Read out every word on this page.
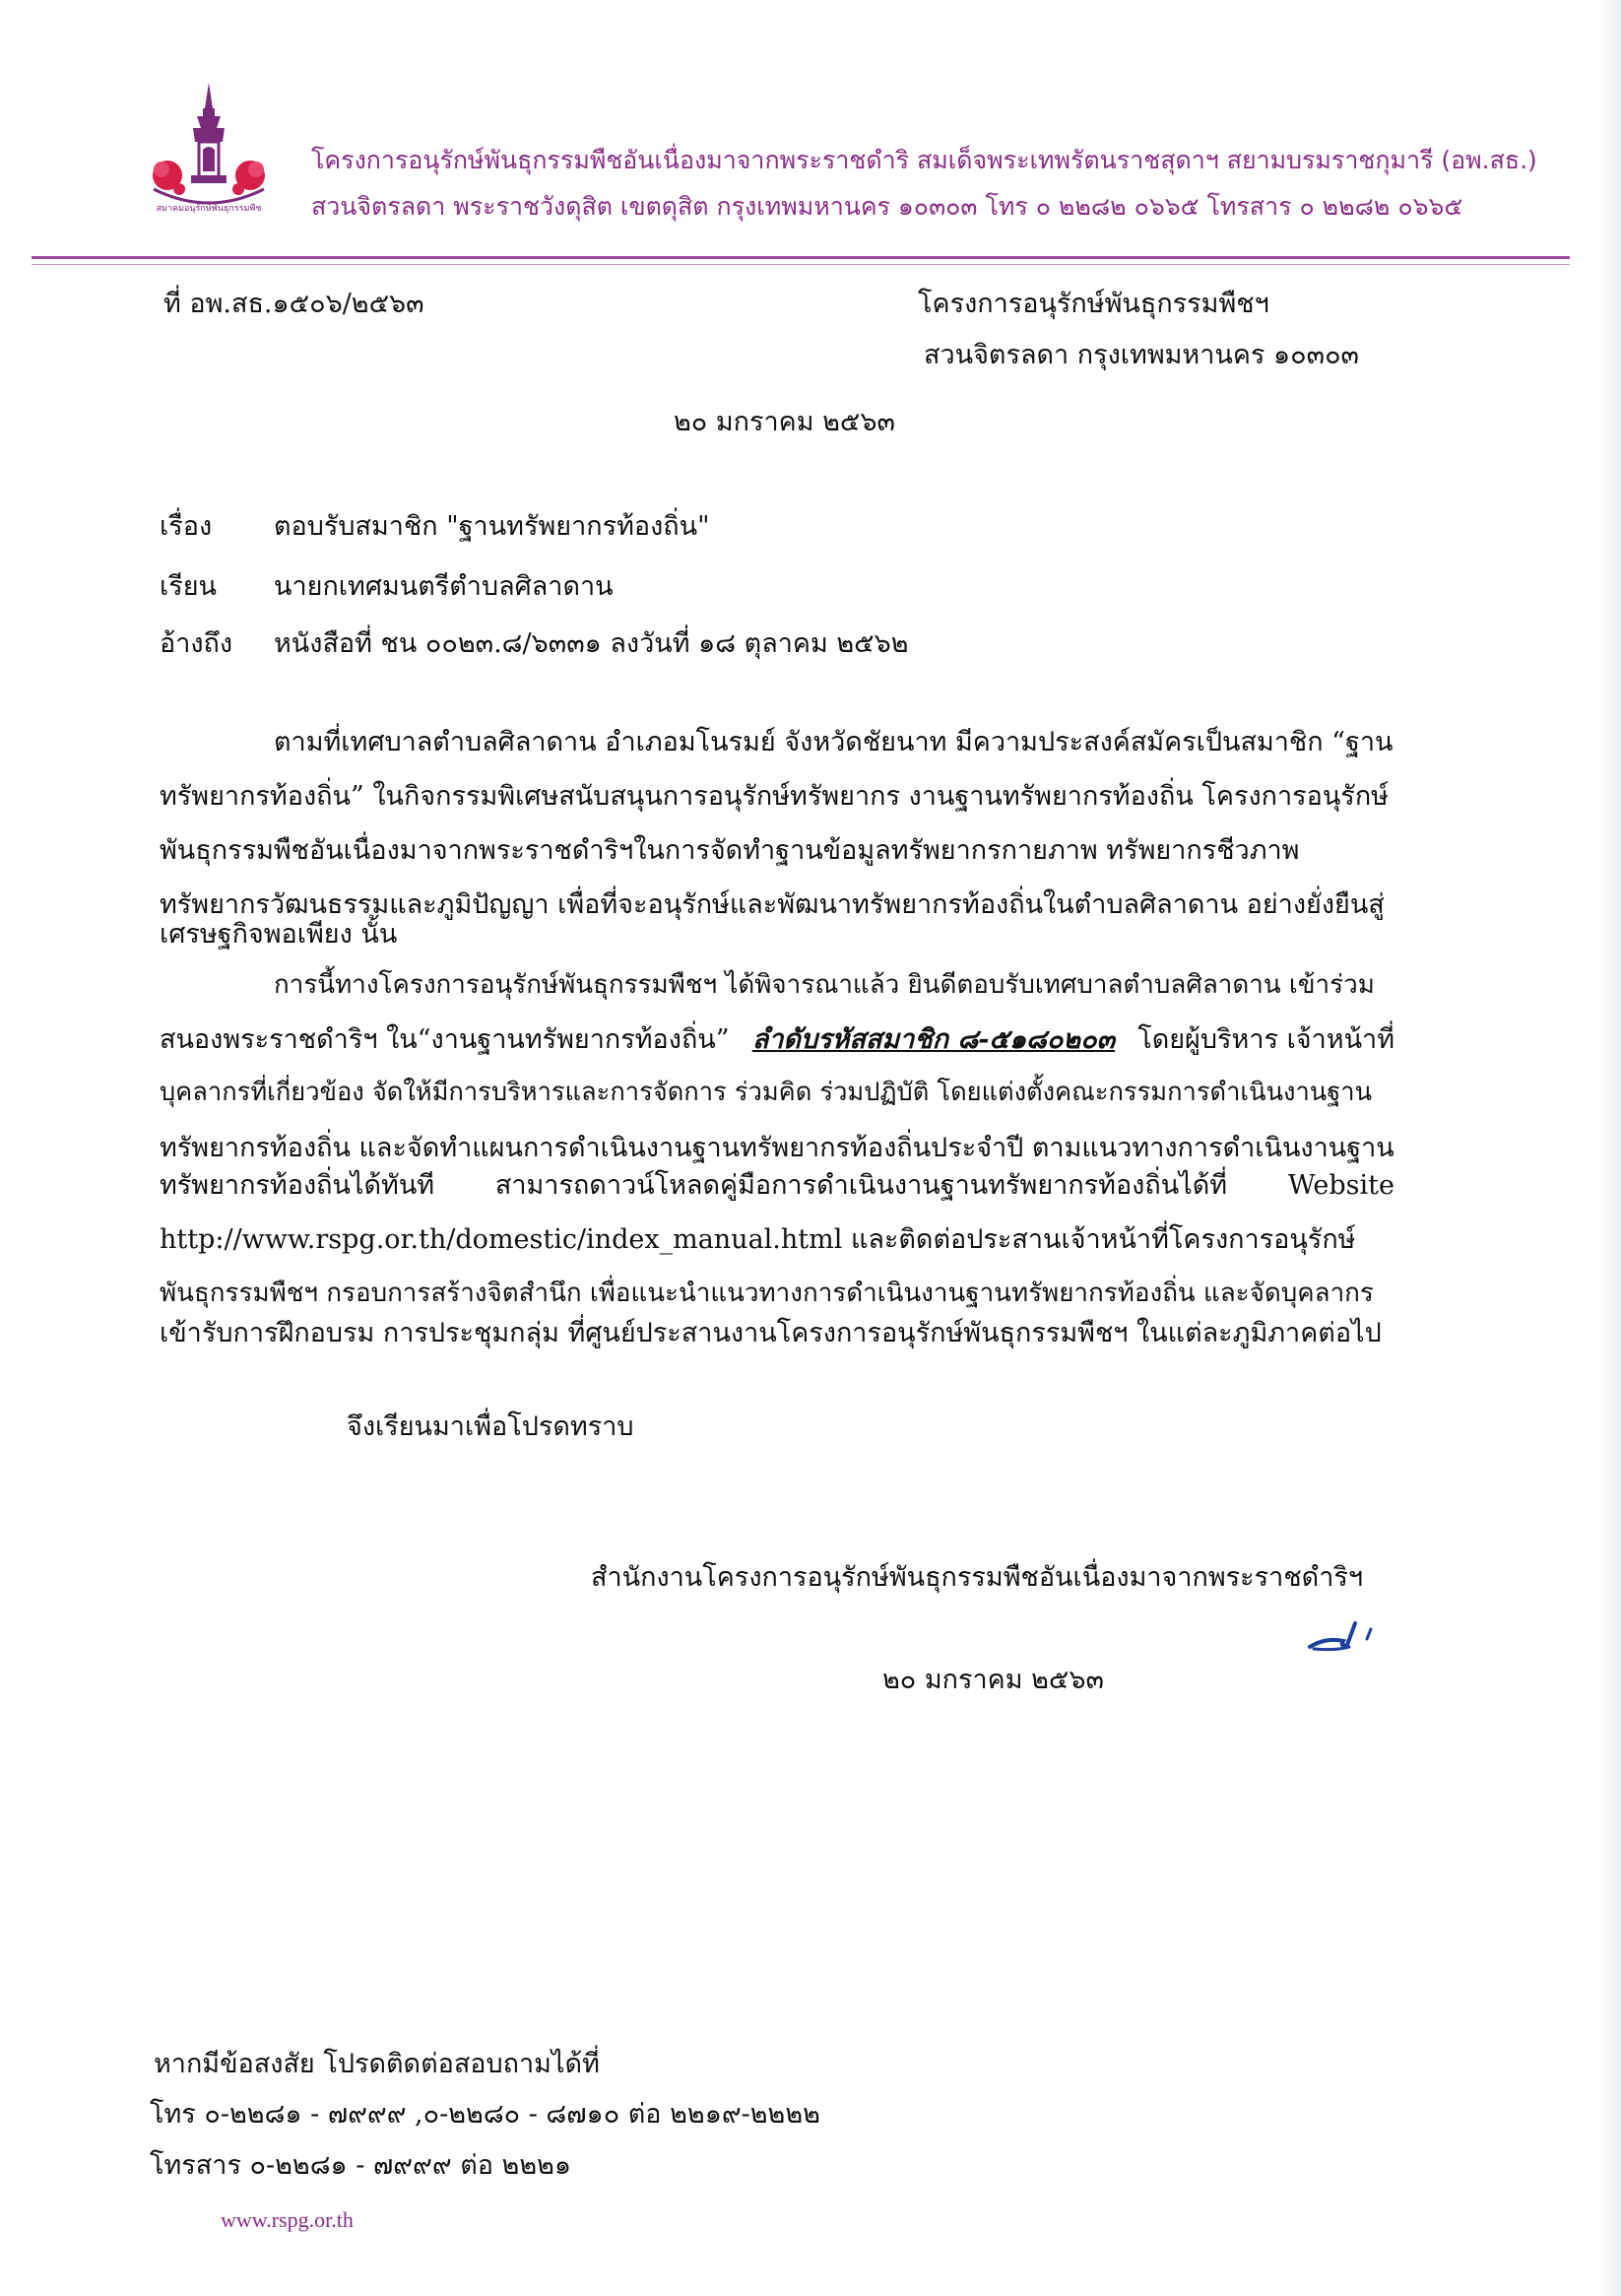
สมาคมอนุรักษ์พันธุกรรมพืช
โครงการอนุรักษ์พันธุกรรมพืชอันเนื่องมาจากพระราชดำริ สมเด็จพระเทพรัตนราชสุดาฯ สยามบรมราชกุมารี (อพ.สธ.)
สวนจิตรลดา พระราชวังดุสิต เขตดุสิต กรุงเทพมหานคร ๑๐๓๐๓ โทร ๐ ๒๒๘๒ ๐๖๖๕ โทรสาร ๐ ๒๒๘๒ ๐๖๖๕
ที่ อพ.สธ.๑๕๐๖/๒๕๖๓	โครงการอนุรักษ์พันธุกรรมพืชฯ
สวนจิตรลดา กรุงเทพมหานคร ๑๐๓๐๓
๒๐ มกราคม ๒๕๖๓
เรื่อง ตอบรับสมาชิก "ฐานทรัพยากรท้องถิ่น"
เรียน นายกเทศมนตรีตำบลศิลาดาน
อ้างถึง หนังสือที่ ชน ๐๐๒๓.๘/๖๓๓๑ ลงวันที่ ๑๘ ตุลาคม ๒๕๖๒
ตามที่เทศบาลตำบลศิลาดาน อำเภอมโนรมย์ จังหวัดชัยนาท มีความประสงค์สมัครเป็นสมาชิก “ฐาน
ทรัพยากรท้องถิ่น” ในกิจกรรมพิเศษสนับสนุนการอนุรักษ์ทรัพยากร งานฐานทรัพยากรท้องถิ่น โครงการอนุรักษ์
พันธุกรรมพืชอันเนื่องมาจากพระราชดำริฯในการจัดทำฐานข้อมูลทรัพยากรกายภาพ ทรัพยากรชีวภาพ
ทรัพยากรวัฒนธรรมและภูมิปัญญา เพื่อที่จะอนุรักษ์และพัฒนาทรัพยากรท้องถิ่นในตำบลศิลาดาน อย่างยั่งยืนสู่
เศรษฐกิจพอเพียง นั้น
การนี้ทางโครงการอนุรักษ์พันธุกรรมพืชฯ ได้พิจารณาแล้ว ยินดีตอบรับเทศบาลตำบลศิลาดาน เข้าร่วม
สนองพระราชดำริฯ ใน“งานฐานทรัพยากรท้องถิ่น” ลำดับรหัสสมาชิก ๘-๕๑๘๐๒๐๓ โดยผู้บริหาร เจ้าหน้าที่
บุคลากรที่เกี่ยวข้อง จัดให้มีการบริหารและการจัดการ ร่วมคิด ร่วมปฏิบัติ โดยแต่งตั้งคณะกรรมการดำเนินงานฐาน
ทรัพยากรท้องถิ่น และจัดทำแผนการดำเนินงานฐานทรัพยากรท้องถิ่นประจำปี ตามแนวทางการดำเนินงานฐาน
ทรัพยากรท้องถิ่นได้ทันที สามารถดาวน์โหลดคู่มือการดำเนินงานฐานทรัพยากรท้องถิ่นได้ที่ Website
http://www.rspg.or.th/domestic/index_manual.html และติดต่อประสานเจ้าหน้าที่โครงการอนุรักษ์
พันธุกรรมพืชฯ กรอบการสร้างจิตสำนึก เพื่อแนะนำแนวทางการดำเนินงานฐานทรัพยากรท้องถิ่น และจัดบุคลากร
เข้ารับการฝึกอบรม การประชุมกลุ่ม ที่ศูนย์ประสานงานโครงการอนุรักษ์พันธุกรรมพืชฯ ในแต่ละภูมิภาคต่อไป
จึงเรียนมาเพื่อโปรดทราบ
สำนักงานโครงการอนุรักษ์พันธุกรรมพืชอันเนื่องมาจากพระราชดำริฯ
๒๐ มกราคม ๒๕๖๓
หากมีข้อสงสัย โปรดติดต่อสอบถามได้ที่
โทร ๐-๒๒๘๑ - ๗๙๙๙ ,๐-๒๒๘๐ - ๘๗๑๐ ต่อ ๒๒๑๙-๒๒๒๒
โทรสาร ๐-๒๒๘๑ - ๗๙๙๙ ต่อ ๒๒๒๑
www.rspg.or.th
